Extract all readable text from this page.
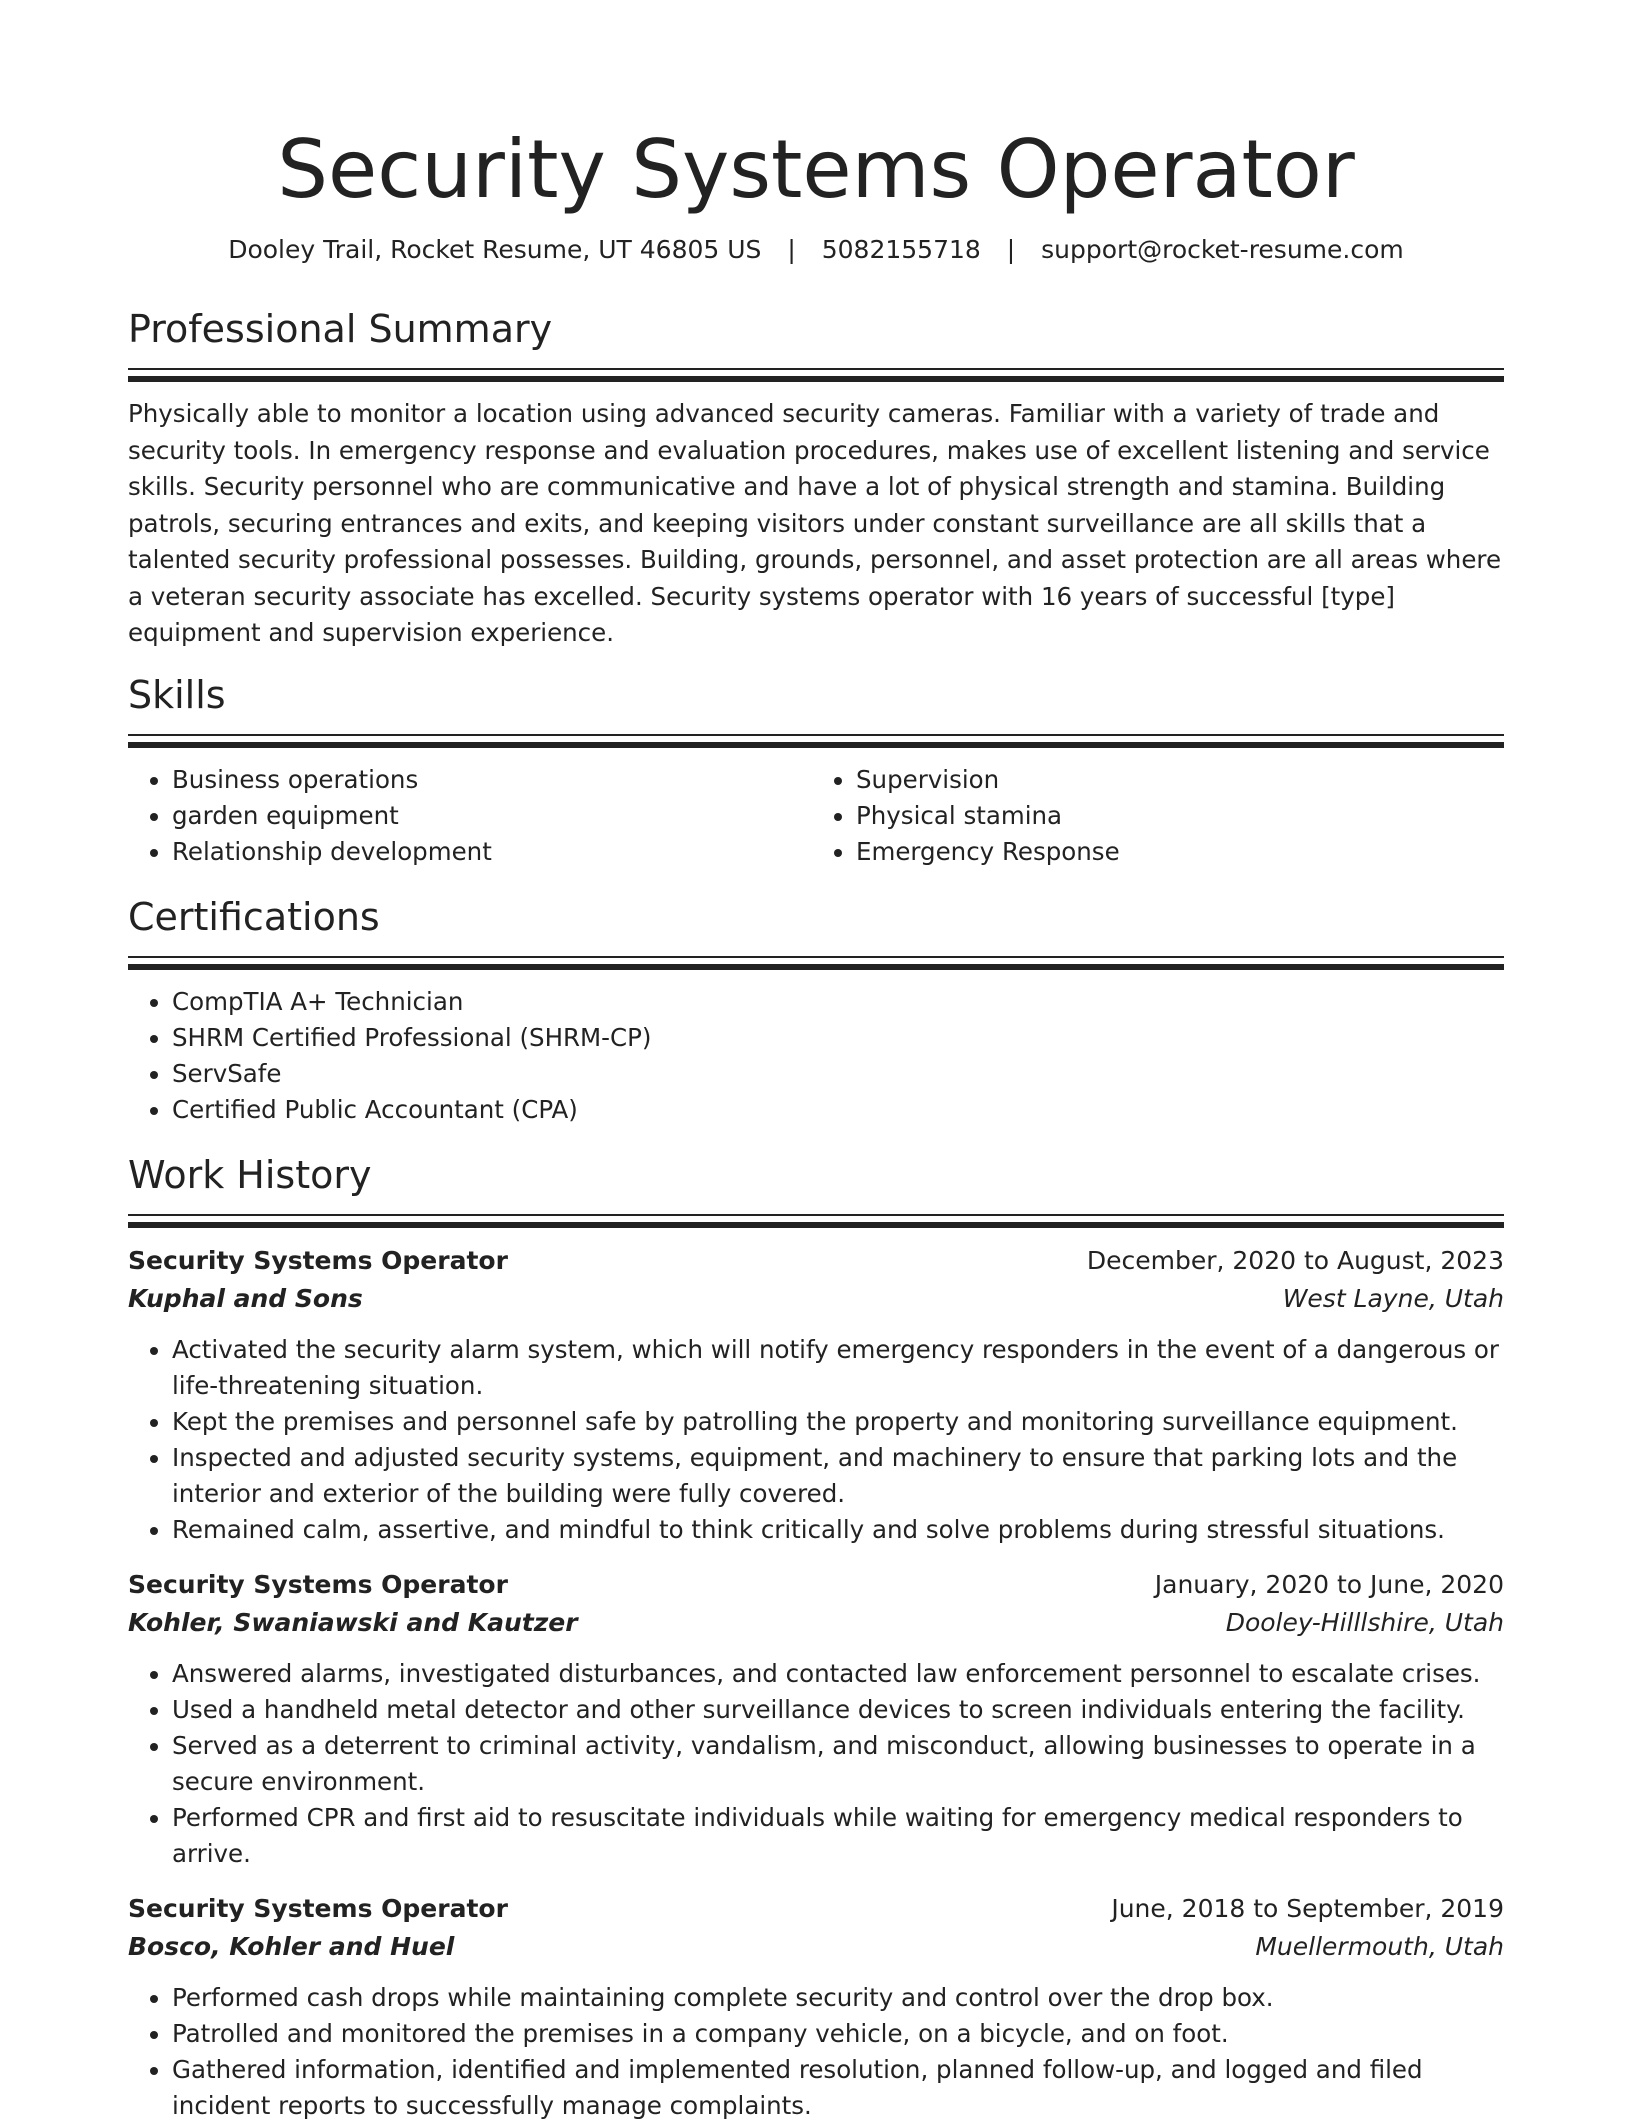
Security Systems Operator
Dooley Trail, Rocket Resume, UT 46805 US | 5082155718 | support@rocket-resume.com
Professional Summary

Physically able to monitor a location using advanced security cameras. Familiar with a variety of trade and security tools. In emergency response and evaluation procedures, makes use of excellent listening and service skills. Security personnel who are communicative and have a lot of physical strength and stamina. Building patrols, securing entrances and exits, and keeping visitors under constant surveillance are all skills that a talented security professional possesses. Building, grounds, personnel, and asset protection are all areas where a veteran security associate has excelled. Security systems operator with 16 years of successful [type] equipment and supervision experience.

Skills
• Business operations
• garden equipment
• Relationship development
• Supervision
• Physical stamina
• Emergency Response
Certifications
• CompTIA A+ Technician
• SHRM Certified Professional (SHRM-CP)
• ServSafe
• Certified Public Accountant (CPA)
Work History
Security Systems Operator	December, 2020 to August, 2023
Kuphal and Sons	West Layne, Utah
• Activated the security alarm system, which will notify emergency responders in the event of a dangerous or life-threatening situation.
• Kept the premises and personnel safe by patrolling the property and monitoring surveillance equipment.
• Inspected and adjusted security systems, equipment, and machinery to ensure that parking lots and the interior and exterior of the building were fully covered.
• Remained calm, assertive, and mindful to think critically and solve problems during stressful situations.
Security Systems Operator	January, 2020 to June, 2020
Kohler, Swaniawski and Kautzer	Dooley-Hilllshire, Utah
• Answered alarms, investigated disturbances, and contacted law enforcement personnel to escalate crises.
• Used a handheld metal detector and other surveillance devices to screen individuals entering the facility.
• Served as a deterrent to criminal activity, vandalism, and misconduct, allowing businesses to operate in a secure environment.
• Performed CPR and first aid to resuscitate individuals while waiting for emergency medical responders to arrive.
Security Systems Operator	June, 2018 to September, 2019
Bosco, Kohler and Huel	Muellermouth, Utah
• Performed cash drops while maintaining complete security and control over the drop box.
• Patrolled and monitored the premises in a company vehicle, on a bicycle, and on foot.
• Gathered information, identified and implemented resolution, planned follow-up, and logged and filed incident reports to successfully manage complaints.
